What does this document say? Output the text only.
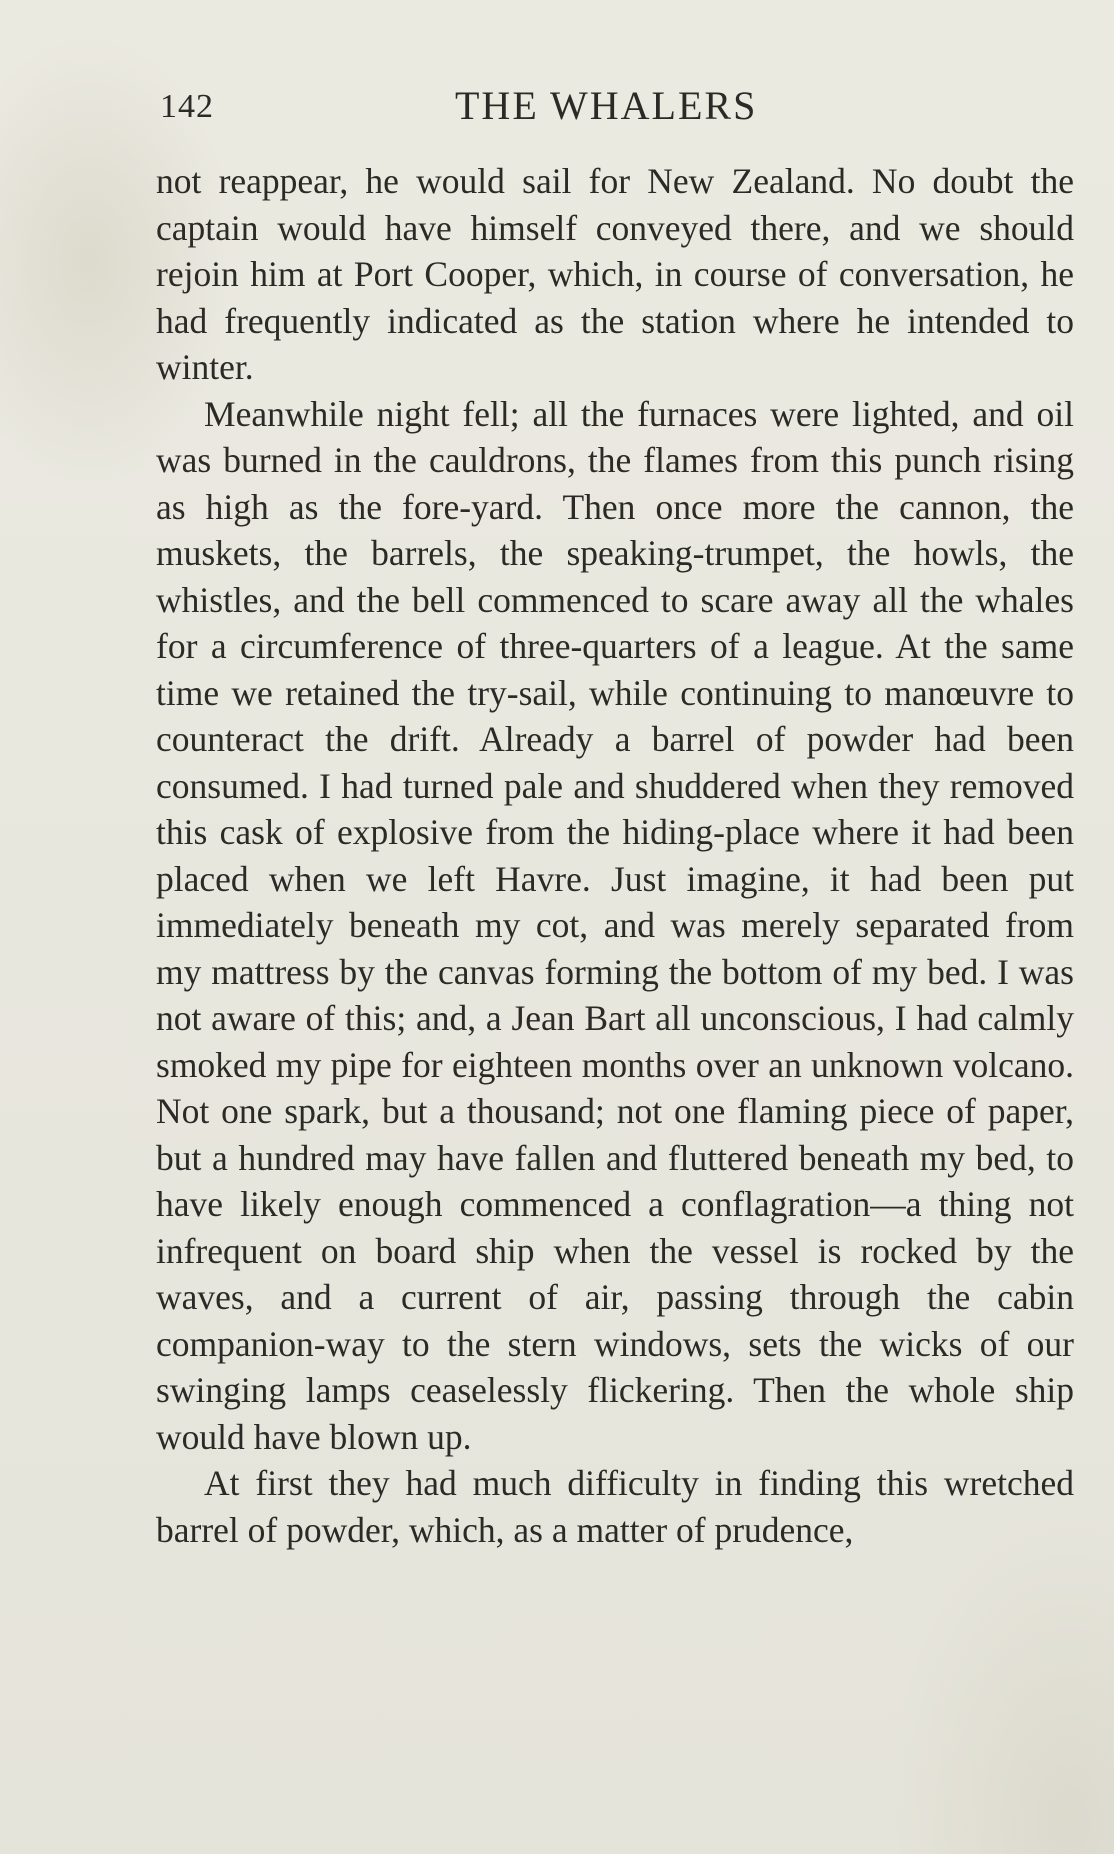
142	THE WHALERS

not reappear, he would sail for New Zealand. No doubt the captain would have himself conveyed there, and we should rejoin him at Port Cooper, which, in course of conversation, he had frequently indicated as the station where he intended to winter.

Meanwhile night fell; all the furnaces were lighted, and oil was burned in the cauldrons, the flames from this punch rising as high as the fore-yard. Then once more the cannon, the muskets, the barrels, the speaking-trumpet, the howls, the whistles, and the bell commenced to scare away all the whales for a circumference of three-quarters of a league. At the same time we retained the try-sail, while continuing to manœuvre to counteract the drift. Already a barrel of powder had been consumed. I had turned pale and shuddered when they removed this cask of explosive from the hiding-place where it had been placed when we left Havre. Just imagine, it had been put immediately beneath my cot, and was merely separated from my mattress by the canvas forming the bottom of my bed. I was not aware of this; and, a Jean Bart all unconscious, I had calmly smoked my pipe for eighteen months over an unknown volcano. Not one spark, but a thousand; not one flaming piece of paper, but a hundred may have fallen and fluttered beneath my bed, to have likely enough commenced a conflagration—a thing not infrequent on board ship when the vessel is rocked by the waves, and a current of air, passing through the cabin companion-way to the stern windows, sets the wicks of our swinging lamps ceaselessly flickering. Then the whole ship would have blown up.

At first they had much difficulty in finding this wretched barrel of powder, which, as a matter of prudence,
